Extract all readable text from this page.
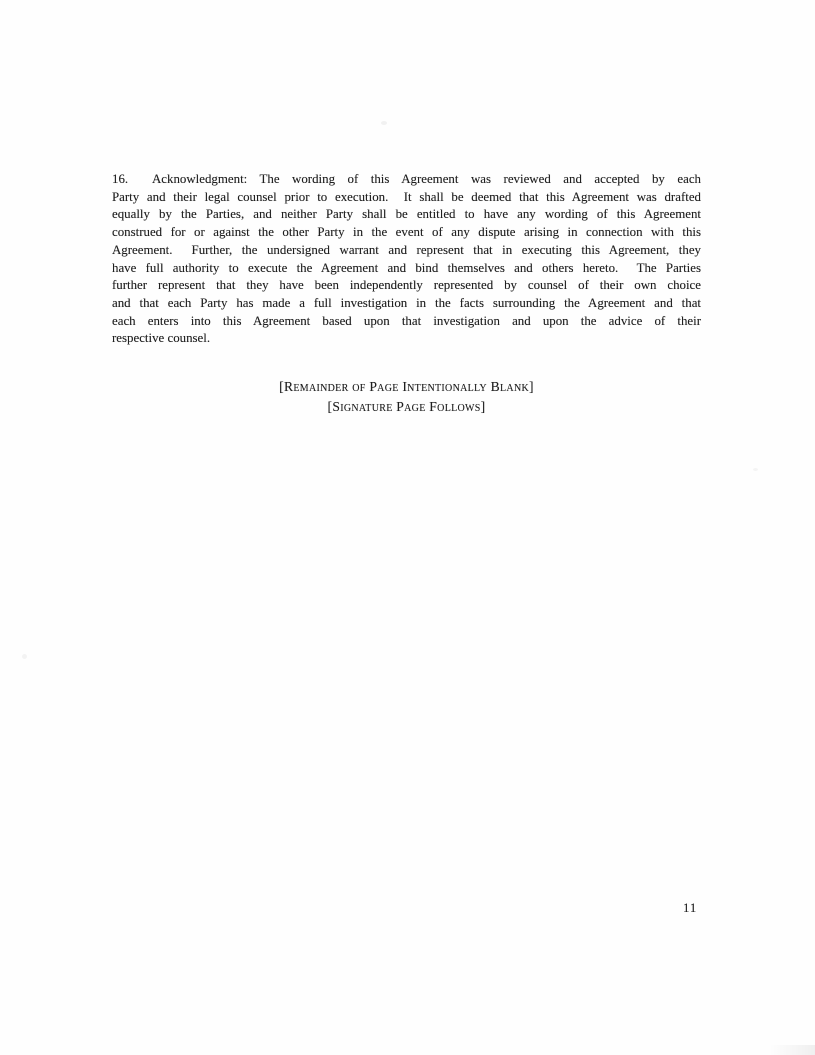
16. Acknowledgment: The wording of this Agreement was reviewed and accepted by each
Party and their legal counsel prior to execution.  It shall be deemed that this Agreement was drafted
equally by the Parties, and neither Party shall be entitled to have any wording of this Agreement
construed for or against the other Party in the event of any dispute arising in connection with this
Agreement.  Further, the undersigned warrant and represent that in executing this Agreement, they
have full authority to execute the Agreement and bind themselves and others hereto.  The Parties
further represent that they have been independently represented by counsel of their own choice
and that each Party has made a full investigation in the facts surrounding the Agreement and that
each enters into this Agreement based upon that investigation and upon the advice of their
respective counsel.
[Remainder of Page Intentionally Blank]
[Signature Page Follows]
11
